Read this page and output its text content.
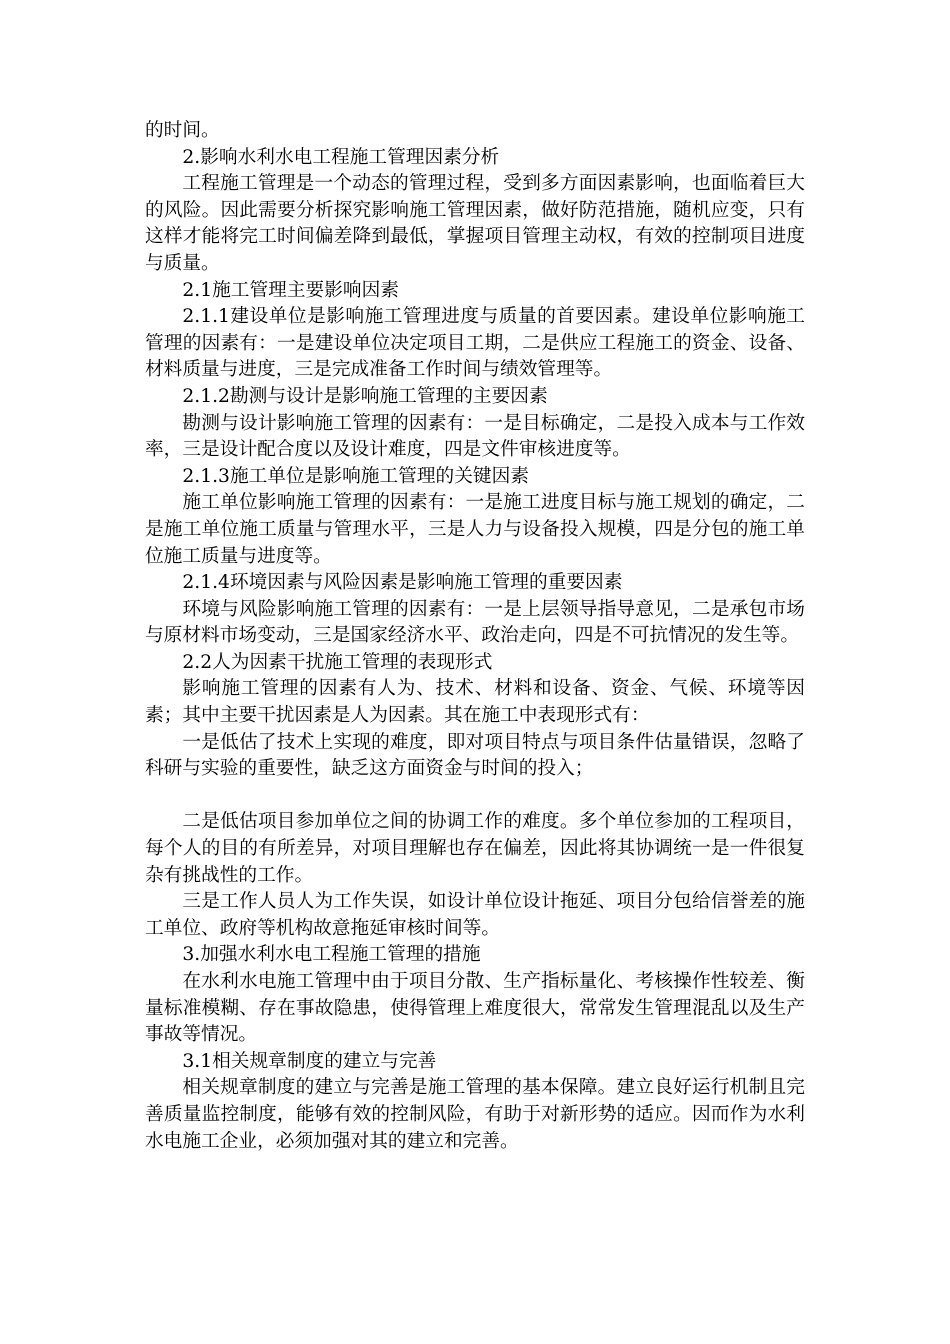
的时间。

2.影响水利水电工程施工管理因素分析

工程施工管理是一个动态的管理过程，受到多方面因素影响，也面临着巨大的风险。因此需要分析探究影响施工管理因素，做好防范措施，随机应变，只有这样才能将完工时间偏差降到最低，掌握项目管理主动权，有效的控制项目进度与质量。

2.1施工管理主要影响因素

2.1.1建设单位是影响施工管理进度与质量的首要因素。建设单位影响施工管理的因素有：一是建设单位决定项目工期，二是供应工程施工的资金、设备、材料质量与进度，三是完成准备工作时间与绩效管理等。

2.1.2勘测与设计是影响施工管理的主要因素

勘测与设计影响施工管理的因素有：一是目标确定，二是投入成本与工作效率，三是设计配合度以及设计难度，四是文件审核进度等。

2.1.3施工单位是影响施工管理的关键因素

施工单位影响施工管理的因素有：一是施工进度目标与施工规划的确定，二是施工单位施工质量与管理水平，三是人力与设备投入规模，四是分包的施工单位施工质量与进度等。

2.1.4环境因素与风险因素是影响施工管理的重要因素

环境与风险影响施工管理的因素有：一是上层领导指导意见，二是承包市场与原材料市场变动，三是国家经济水平、政治走向，四是不可抗情况的发生等。

2.2人为因素干扰施工管理的表现形式

影响施工管理的因素有人为、技术、材料和设备、资金、气候、环境等因素；其中主要干扰因素是人为因素。其在施工中表现形式有：

一是低估了技术上实现的难度，即对项目特点与项目条件估量错误，忽略了科研与实验的重要性，缺乏这方面资金与时间的投入；

二是低估项目参加单位之间的协调工作的难度。多个单位参加的工程项目，每个人的目的有所差异，对项目理解也存在偏差，因此将其协调统一是一件很复杂有挑战性的工作。

三是工作人员人为工作失误，如设计单位设计拖延、项目分包给信誉差的施工单位、政府等机构故意拖延审核时间等。

3.加强水利水电工程施工管理的措施

在水利水电施工管理中由于项目分散、生产指标量化、考核操作性较差、衡量标准模糊、存在事故隐患，使得管理上难度很大，常常发生管理混乱以及生产事故等情况。

3.1相关规章制度的建立与完善

相关规章制度的建立与完善是施工管理的基本保障。建立良好运行机制且完善质量监控制度，能够有效的控制风险，有助于对新形势的适应。因而作为水利水电施工企业，必须加强对其的建立和完善。
